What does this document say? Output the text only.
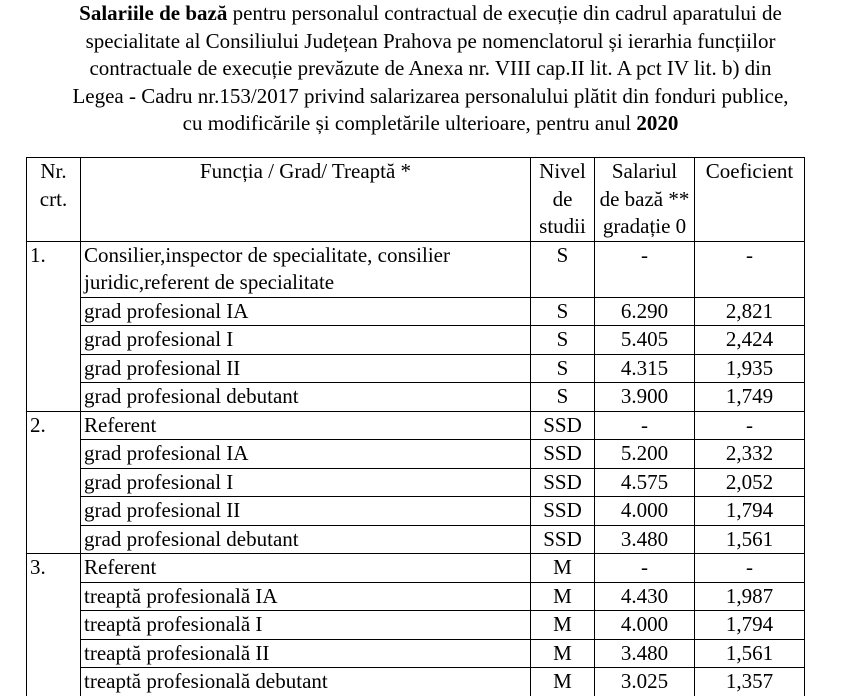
Salariile de bază pentru personalul contractual de execuție din cadrul aparatului de
specialitate al Consiliului Județean Prahova pe nomenclatorul și ierarhia funcțiilor
contractuale de execuție prevăzute de Anexa nr. VIII cap.II lit. A pct IV lit. b) din
Legea - Cadru nr.153/2017 privind salarizarea personalului plătit din fonduri publice,
cu modificările și completările ulterioare, pentru anul 2020
Nr.
crt.	Funcția / Grad/ Treaptă *	Nivel
de
studii	Salariul
de bază **
gradație 0	Coeficient
1.	Consilier,inspector de specialitate, consilier
juridic,referent de specialitate	S	-	-
	grad profesional IA	S	6.290	2,821
	grad profesional I	S	5.405	2,424
	grad profesional II	S	4.315	1,935
	grad profesional debutant	S	3.900	1,749
2.	Referent	SSD	-	-
	grad profesional IA	SSD	5.200	2,332
	grad profesional I	SSD	4.575	2,052
	grad profesional II	SSD	4.000	1,794
	grad profesional debutant	SSD	3.480	1,561
3.	Referent	M	-	-
	treaptă profesională IA	M	4.430	1,987
	treaptă profesională I	M	4.000	1,794
	treaptă profesională II	M	3.480	1,561
	treaptă profesională debutant	M	3.025	1,357
